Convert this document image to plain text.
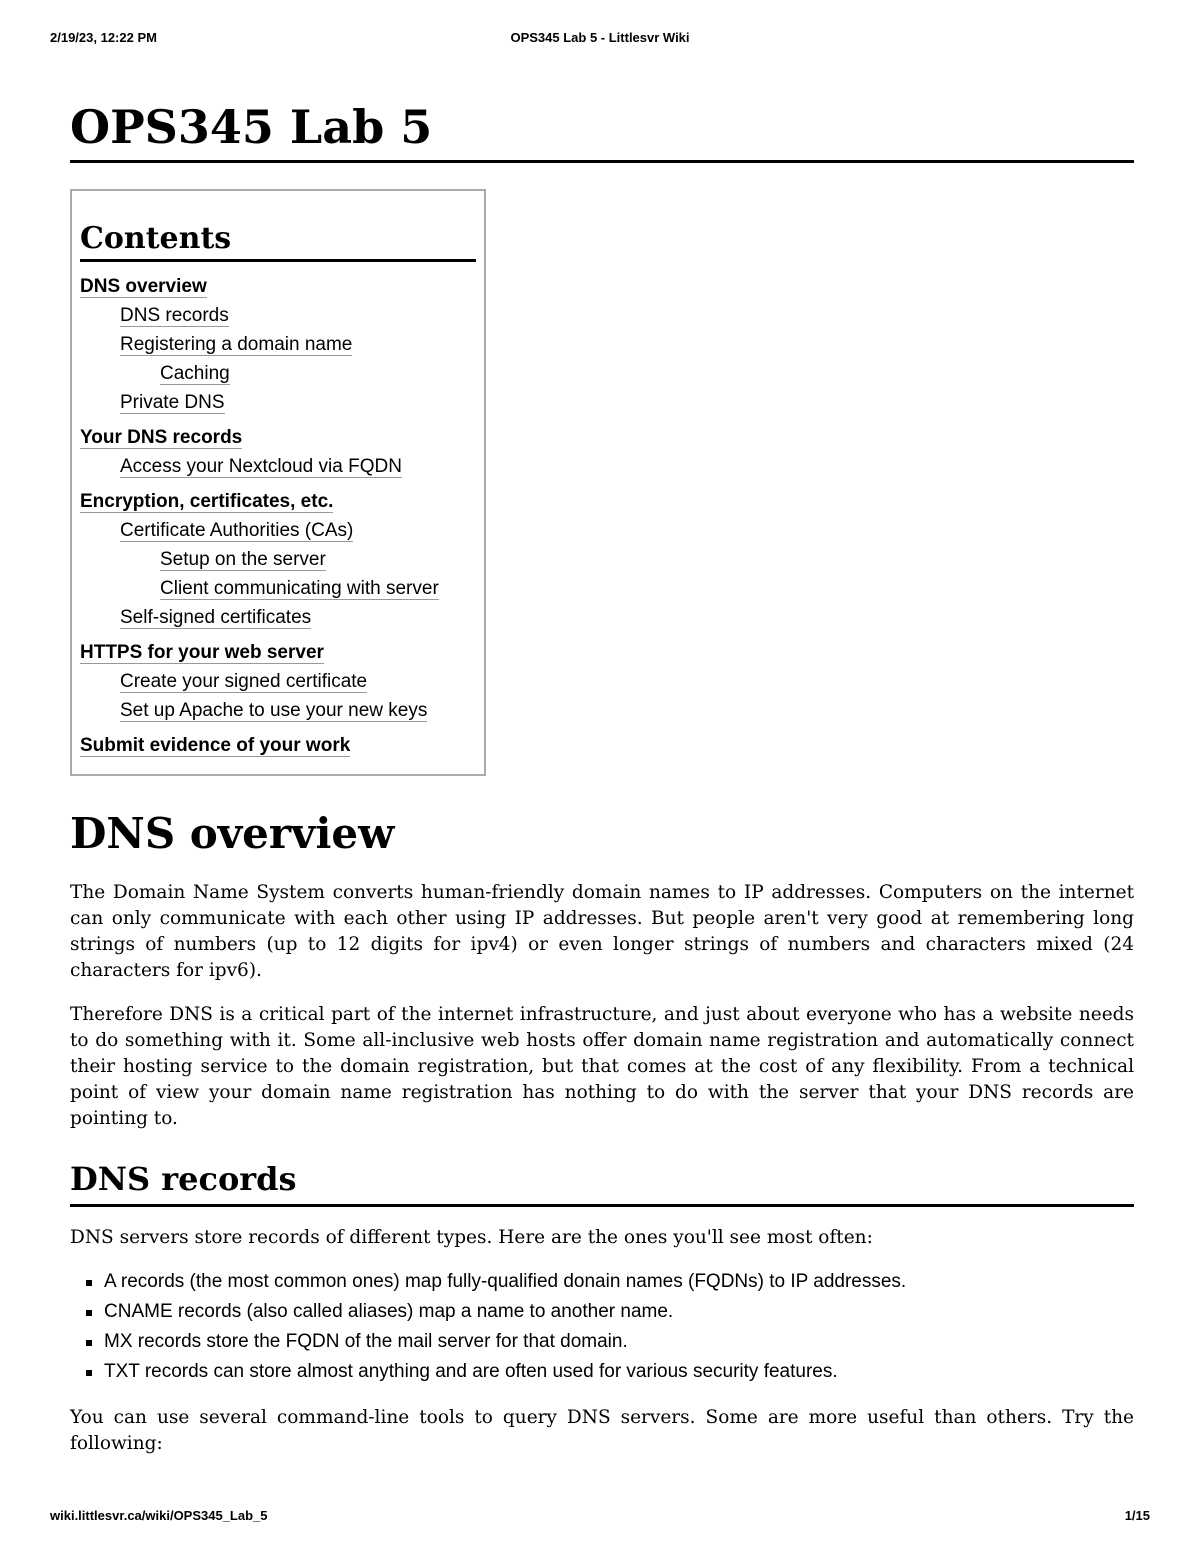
2/19/23, 12:22 PM	OPS345 Lab 5 - Littlesvr Wiki
OPS345 Lab 5
Contents
DNS overview
DNS records
Registering a domain name
Caching
Private DNS
Your DNS records
Access your Nextcloud via FQDN
Encryption, certificates, etc.
Certificate Authorities (CAs)
Setup on the server
Client communicating with server
Self-signed certificates
HTTPS for your web server
Create your signed certificate
Set up Apache to use your new keys
Submit evidence of your work
DNS overview

The Domain Name System converts human-friendly domain names to IP addresses. Computers on the internet can only communicate with each other using IP addresses. But people aren't very good at remembering long strings of numbers (up to 12 digits for ipv4) or even longer strings of numbers and characters mixed (24 characters for ipv6).

Therefore DNS is a critical part of the internet infrastructure, and just about everyone who has a website needs to do something with it. Some all-inclusive web hosts offer domain name registration and automatically connect their hosting service to the domain registration, but that comes at the cost of any flexibility. From a technical point of view your domain name registration has nothing to do with the server that your DNS records are pointing to.

DNS records

DNS servers store records of different types. Here are the ones you'll see most often:

A records (the most common ones) map fully-qualified donain names (FQDNs) to IP addresses.
CNAME records (also called aliases) map a name to another name.
MX records store the FQDN of the mail server for that domain.
TXT records can store almost anything and are often used for various security features.

You can use several command-line tools to query DNS servers. Some are more useful than others. Try the following:

wiki.littlesvr.ca/wiki/OPS345_Lab_5	1/15
